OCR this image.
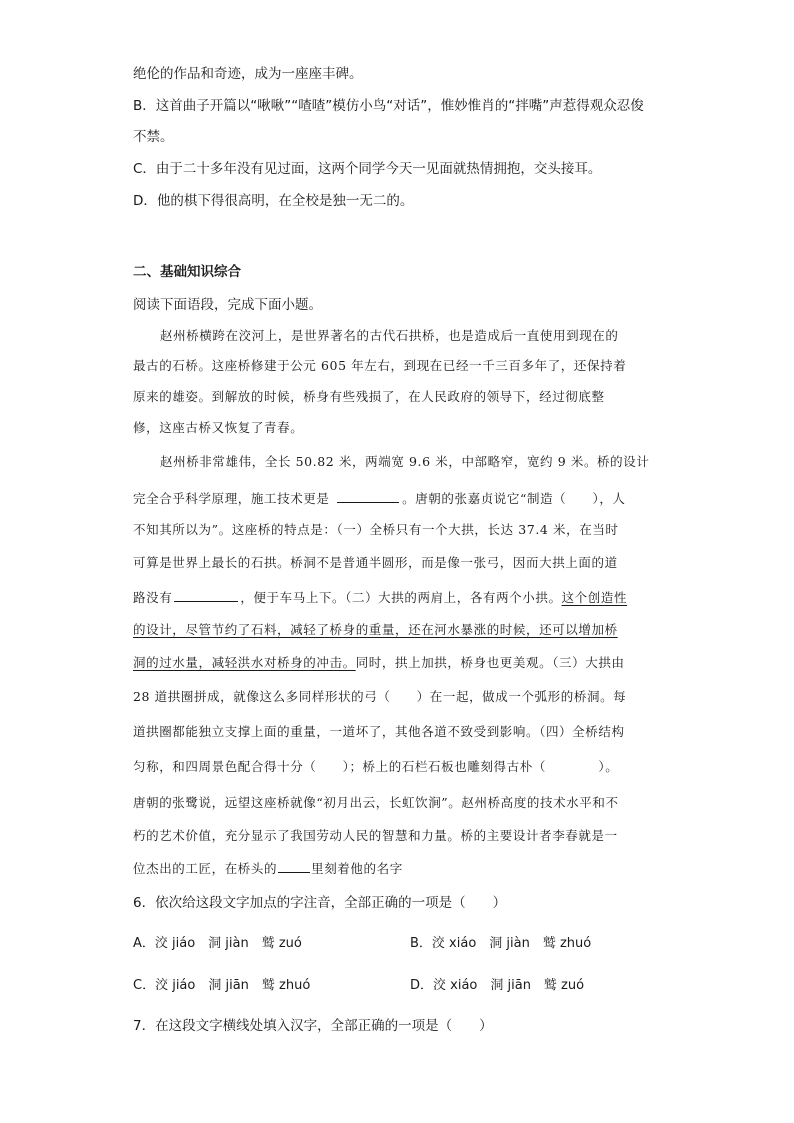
绝伦的作品和奇迹，成为一座座丰碑。
B．这首曲子开篇以“啾啾”“喳喳”模仿小鸟“对话”，惟妙惟肖的“拌嘴”声惹得观众忍俊
不禁。
C．由于二十多年没有见过面，这两个同学今天一见面就热情拥抱，交头接耳。
D．他的棋下得很高明，在全校是独一无二的。
二、基础知识综合
阅读下面语段，完成下面小题。
赵州桥横跨在洨河上，是世界著名的古代石拱桥，也是造成后一直使用到现在的
最古的石桥。这座桥修建于公元 605 年左右，到现在已经一千三百多年了，还保持着
原来的雄姿。到解放的时候，桥身有些残损了，在人民政府的领导下，经过彻底整
修，这座古桥又恢复了青春。
赵州桥非常雄伟，全长 50.82 米，两端宽 9.6 米，中部略窄，宽约 9 米。桥的设计
完全合乎科学原理，施工技术更是	。唐朝的张嘉贞说它“制造（　　），人
不知其所以为”。这座桥的特点是：（一）全桥只有一个大拱，长达 37.4 米，在当时
可算是世界上最长的石拱。桥洞不是普通半圆形，而是像一张弓，因而大拱上面的道
路没有	，便于车马上下。（二）大拱的两肩上，各有两个小拱。这个创造性
的设计，尽管节约了石料，减轻了桥身的重量，还在河水暴涨的时候，还可以增加桥
洞的过水量，减轻洪水对桥身的冲击。同时，拱上加拱，桥身也更美观。（三）大拱由
28 道拱圈拼成，就像这么多同样形状的弓（　　）在一起，做成一个弧形的桥洞。每
道拱圈都能独立支撑上面的重量，一道坏了，其他各道不致受到影响。（四）全桥结构
匀称，和四周景色配合得十分（　　）；桥上的石栏石板也雕刻得古朴（　　　　）。
唐朝的张鹭说，远望这座桥就像“初月出云，长虹饮涧”。赵州桥高度的技术水平和不
朽的艺术价值，充分显示了我国劳动人民的智慧和力量。桥的主要设计者李春就是一
位杰出的工匠，在桥头的	里刻着他的名字
6．依次给这段文字加点的字注音，全部正确的一项是（　　）
A．洨 jiáo　洞 jiàn　鹫 zuó	B．洨 xiáo　洞 jiàn　鹫 zhuó
C．洨 jiáo　洞 jiān　鹫 zhuó	D．洨 xiáo　洞 jiān　鹫 zuó
7．在这段文字横线处填入汉字，全部正确的一项是（　　）
